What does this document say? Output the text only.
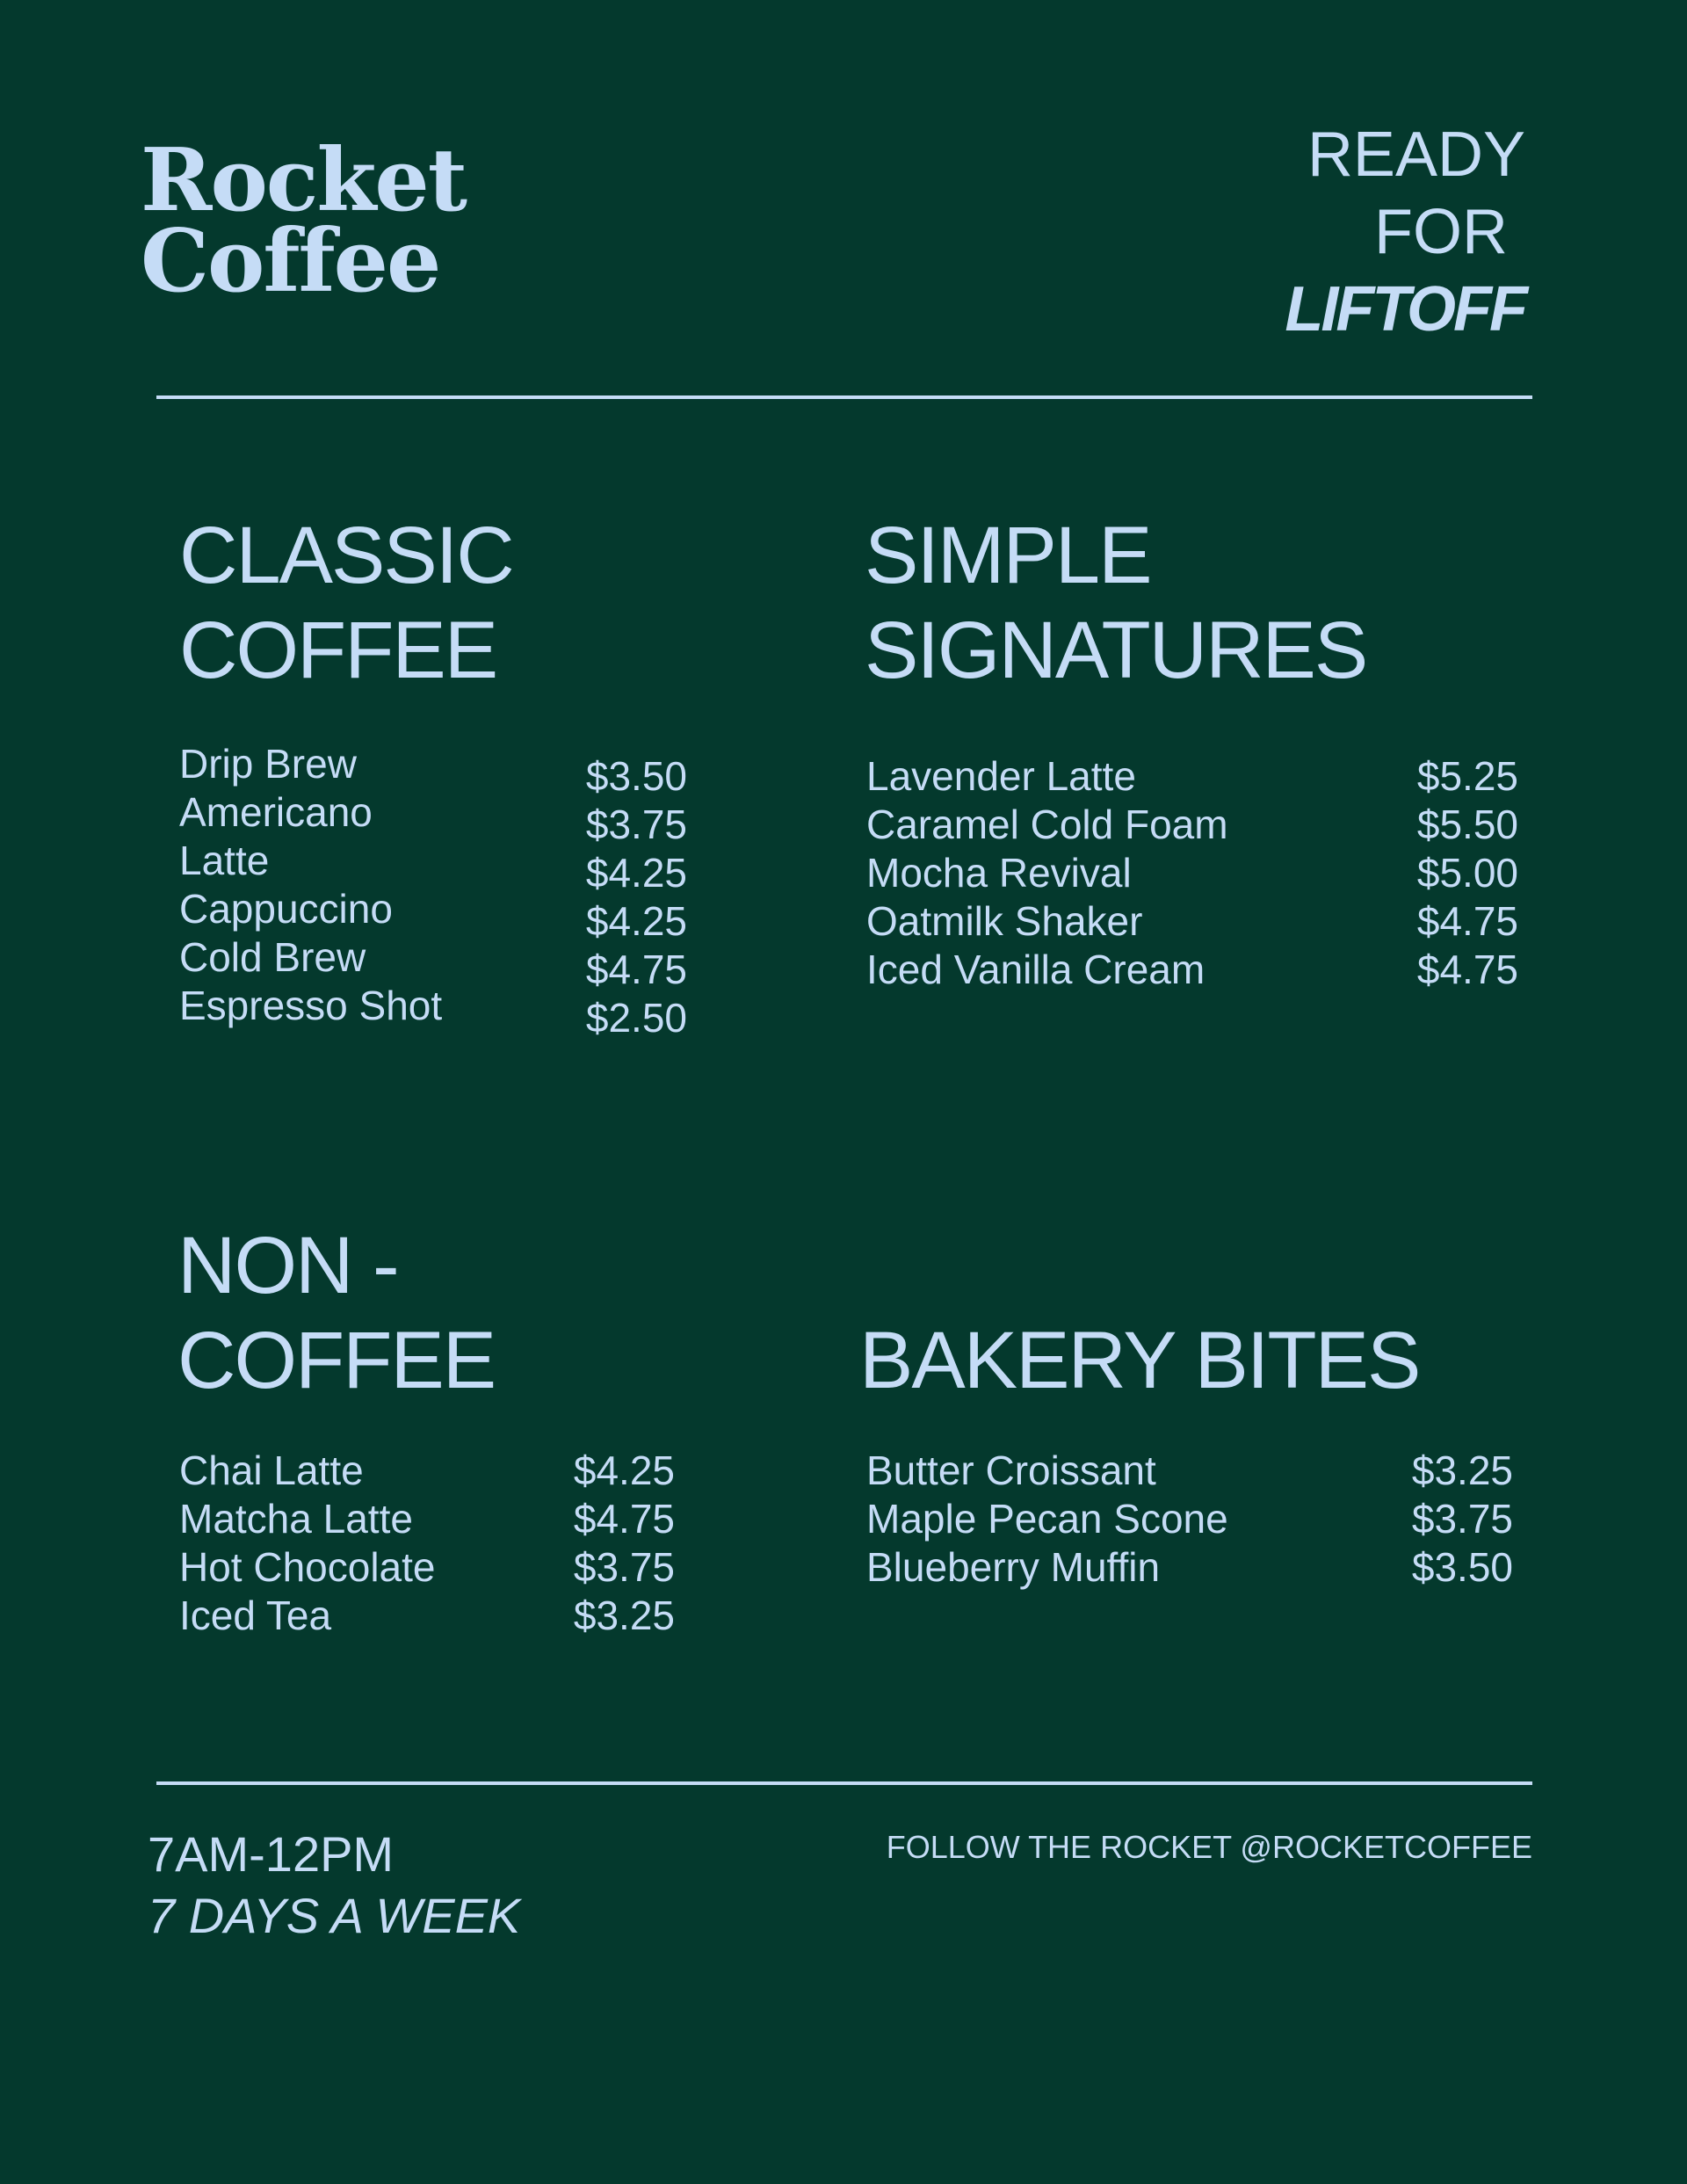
Rocket
Coffee
READY
FOR
LIFTOFF
CLASSIC
COFFEE
Drip Brew	$3.50
Americano	$3.75
Latte	$4.25
Cappuccino	$4.25
Cold Brew	$4.75
Espresso Shot	$2.50
SIMPLE
SIGNATURES
Lavender Latte	$5.25
Caramel Cold Foam	$5.50
Mocha Revival	$5.00
Oatmilk Shaker	$4.75
Iced Vanilla Cream	$4.75
NON -
COFFEE
Chai Latte	$4.25
Matcha Latte	$4.75
Hot Chocolate	$3.75
Iced Tea	$3.25
BAKERY BITES
Butter Croissant	$3.25
Maple Pecan Scone	$3.75
Blueberry Muffin	$3.50
7AM-12PM
7 DAYS A WEEK
FOLLOW THE ROCKET @ROCKETCOFFEE
